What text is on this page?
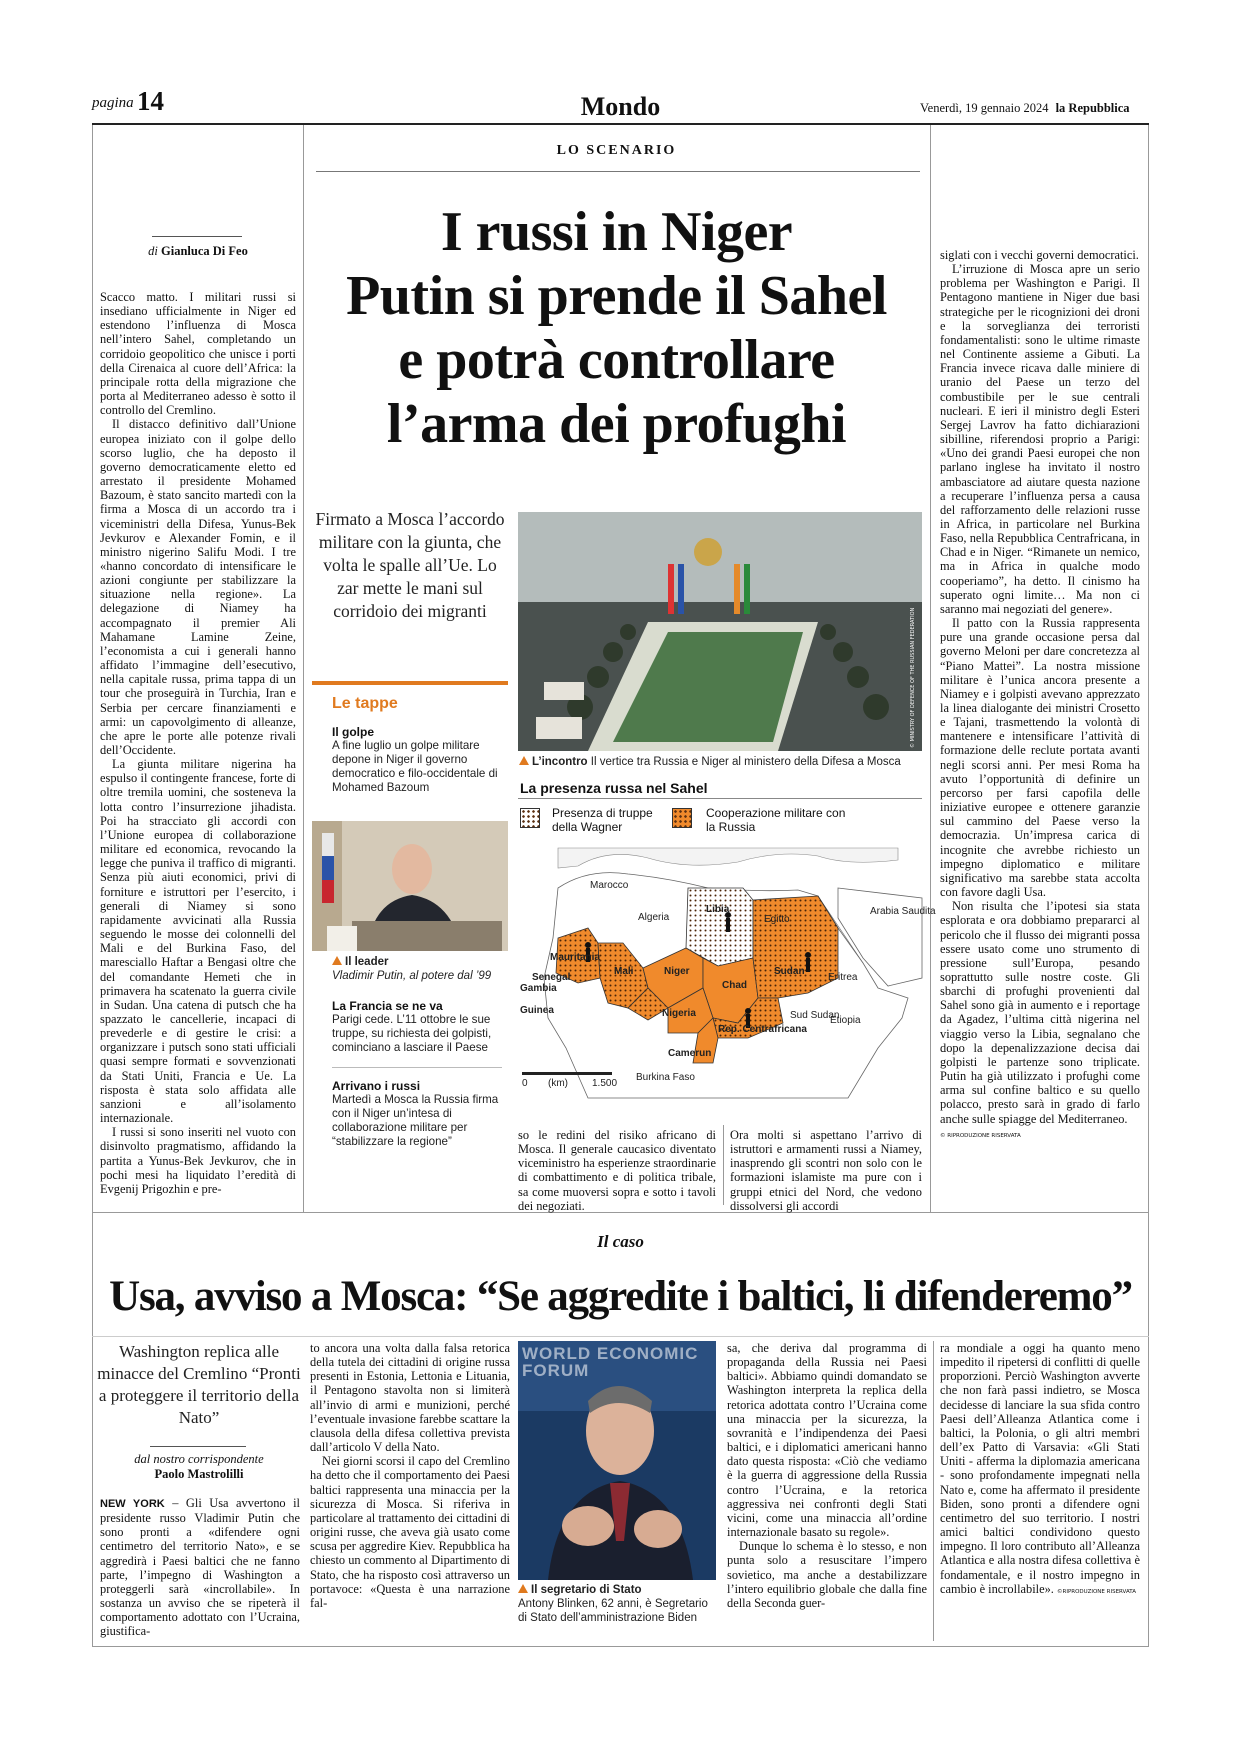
pagina 14	Mondo	Venerdì, 19 gennaio 2024 la Repubblica
LO SCENARIO
I russi in Niger
Putin si prende il Sahel
e potrà controllare
l’arma dei profughi
di Gianluca Di Feo

Scacco matto. I militari russi si insediano ufficialmente in Niger ed estendono l’influenza di Mosca nell’intero Sahel, completando un corridoio geopolitico che unisce i porti della Cirenaica al cuore dell’Africa: la principale rotta della migrazione che porta al Mediterraneo adesso è sotto il controllo del Cremlino.

Il distacco definitivo dall’Unione europea iniziato con il golpe dello scorso luglio, che ha deposto il governo democraticamente eletto ed arrestato il presidente Mohamed Bazoum, è stato sancito martedì con la firma a Mosca di un accordo tra i viceministri della Difesa, Yunus-Bek Jevkurov e Alexander Fomin, e il ministro nigerino Salifu Modi. I tre «hanno concordato di intensificare le azioni congiunte per stabilizzare la situazione nella regione». La delegazione di Niamey ha accompagnato il premier Ali Mahamane Lamine Zeine, l’economista a cui i generali hanno affidato l’immagine dell’esecutivo, nella capitale russa, prima tappa di un tour che proseguirà in Turchia, Iran e Serbia per cercare finanziamenti e armi: un capovolgimento di alleanze, che apre le porte alle potenze rivali dell’Occidente.

La giunta militare nigerina ha espulso il contingente francese, forte di oltre tremila uomini, che sosteneva la lotta contro l’insurrezione jihadista. Poi ha stracciato gli accordi con l’Unione europea di collaborazione militare ed economica, revocando la legge che puniva il traffico di migranti. Senza più aiuti economici, privi di forniture e istruttori per l’esercito, i generali di Niamey si sono rapidamente avvicinati alla Russia seguendo le mosse dei colonnelli del Mali e del Burkina Faso, del maresciallo Haftar a Bengasi oltre che del comandante Hemeti che in primavera ha scatenato la guerra civile in Sudan. Una catena di putsch che ha spazzato le cancellerie, incapaci di prevederle e di gestire le crisi: a organizzare i putsch sono stati ufficiali quasi sempre formati e sovvenzionati da Stati Uniti, Francia e Ue. La risposta è stata solo affidata alle sanzioni e all’isolamento internazionale.

I russi si sono inseriti nel vuoto con disinvolto pragmatismo, affidando la partita a Yunus-Bek Jevkurov, che in pochi mesi ha liquidato l’eredità di Evgenij Prigozhin e pre-

Firmato a Mosca l’accordo militare con la giunta, che volta le spalle all’Ue. Lo zar mette le mani sul corridoio dei migranti
Le tappe
Il golpe
A fine luglio un golpe militare depone in Niger il governo democratico e filo-occidentale di Mohamed Bazoum
Il leader
Vladimir Putin, al potere dal ’99
La Francia se ne va
Parigi cede. L’11 ottobre le sue truppe, su richiesta dei golpisti, cominciano a lasciare il Paese
Arrivano i russi
Martedì a Mosca la Russia firma con il Niger un’intesa di collaborazione militare per “stabilizzare la regione”
© MINISTRY OF DEFENCE OF THE RUSSIAN FEDERATION
L’incontro Il vertice tra Russia e Niger al ministero della Difesa a Mosca
La presenza russa nel Sahel
Presenza di truppe della Wagner
Cooperazione militare con la Russia
Marocco
Algeria
Libia
Egitto
Arabia Saudita
Mauritania
Mali	Niger
Chad
Sudan
Eritrea
Senegal
Gambia
Guinea	Nigeria
Rep. Centrafricana
Sud Sudan
Etiopia
Camerun
Burkina Faso
0 (km) 1.500

so le redini del risiko africano di Mosca. Il generale caucasico diventato viceministro ha esperienze straordinarie di combattimento e di politica tribale, sa come muoversi sopra e sotto i tavoli dei negoziati.

Ora molti si aspettano l’arrivo di istruttori e armamenti russi a Niamey, inasprendo gli scontri non solo con le formazioni islamiste ma pure con i gruppi etnici del Nord, che vedono dissolversi gli accordi

siglati con i vecchi governi democratici.

L’irruzione di Mosca apre un serio problema per Washington e Parigi. Il Pentagono mantiene in Niger due basi strategiche per le ricognizioni dei droni e la sorveglianza dei terroristi fondamentalisti: sono le ultime rimaste nel Continente assieme a Gibuti. La Francia invece ricava dalle miniere di uranio del Paese un terzo del combustibile per le sue centrali nucleari. E ieri il ministro degli Esteri Sergej Lavrov ha fatto dichiarazioni sibilline, riferendosi proprio a Parigi: «Uno dei grandi Paesi europei che non parlano inglese ha invitato il nostro ambasciatore ad aiutare questa nazione a recuperare l’influenza persa a causa del rafforzamento delle relazioni russe in Africa, in particolare nel Burkina Faso, nella Repubblica Centrafricana, in Chad e in Niger. “Rimanete un nemico, ma in Africa in qualche modo cooperiamo”, ha detto. Il cinismo ha superato ogni limite… Ma non ci saranno mai negoziati del genere».

Il patto con la Russia rappresenta pure una grande occasione persa dal governo Meloni per dare concretezza al “Piano Mattei”. La nostra missione militare è l’unica ancora presente a Niamey e i golpisti avevano apprezzato la linea dialogante dei ministri Crosetto e Tajani, trasmettendo la volontà di mantenere e intensificare l’attività di formazione delle reclute portata avanti negli scorsi anni. Per mesi Roma ha avuto l’opportunità di definire un percorso per farsi capofila delle iniziative europee e ottenere garanzie sul cammino del Paese verso la democrazia. Un’impresa carica di incognite che avrebbe richiesto un impegno diplomatico e militare significativo ma sarebbe stata accolta con favore dagli Usa.

Non risulta che l’ipotesi sia stata esplorata e ora dobbiamo prepararci al pericolo che il flusso dei migranti possa essere usato come uno strumento di pressione sull’Europa, pesando soprattutto sulle nostre coste. Gli sbarchi di profughi provenienti dal Sahel sono già in aumento e i reportage da Agadez, l’ultima città nigerina nel viaggio verso la Libia, segnalano che dopo la depenalizzazione decisa dai golpisti le partenze sono triplicate. Putin ha già utilizzato i profughi come arma sul confine baltico e su quello polacco, presto sarà in grado di farlo anche sulle spiagge del Mediterraneo.

© RIPRODUZIONE RISERVATA
Il caso
Usa, avviso a Mosca: “Se aggredite i baltici, li difenderemo”
Washington replica alle minacce del Cremlino “Pronti a proteggere il territorio della Nato”
dal nostro corrispondente
Paolo Mastrolilli

NEW YORK – Gli Usa avvertono il presidente russo Vladimir Putin che sono pronti a «difendere ogni centimetro del territorio Nato», e se aggredirà i Paesi baltici che ne fanno parte, l’impegno di Washington a proteggerli sarà «incrollabile». In sostanza un avviso che se ripeterà il comportamento adottato con l’Ucraina, giustifica-

to ancora una volta dalla falsa retorica della tutela dei cittadini di origine russa presenti in Estonia, Lettonia e Lituania, il Pentagono stavolta non si limiterà all’invio di armi e munizioni, perché l’eventuale invasione farebbe scattare la clausola della difesa collettiva prevista dall’articolo V della Nato.

Nei giorni scorsi il capo del Cremlino ha detto che il comportamento dei Paesi baltici rappresenta una minaccia per la sicurezza di Mosca. Si riferiva in particolare al trattamento dei cittadini di origini russe, che aveva già usato come scusa per aggredire Kiev. Repubblica ha chiesto un commento al Dipartimento di Stato, che ha risposto così attraverso un portavoce: «Questa è una narrazione fal-

WORLD ECONOMIC FORUM
Il segretario di Stato
Antony Blinken, 62 anni, è Segretario di Stato dell’amministrazione Biden

sa, che deriva dal programma di propaganda della Russia nei Paesi baltici». Abbiamo quindi domandato se Washington interpreta la replica della retorica adottata contro l’Ucraina come una minaccia per la sicurezza, la sovranità e l’indipendenza dei Paesi baltici, e i diplomatici americani hanno dato questa risposta: «Ciò che vediamo è la guerra di aggressione della Russia contro l’Ucraina, e la retorica aggressiva nei confronti degli Stati vicini, come una minaccia all’ordine internazionale basato su regole».

Dunque lo schema è lo stesso, e non punta solo a resuscitare l’impero sovietico, ma anche a destabilizzare l’intero equilibrio globale che dalla fine della Seconda guer-

ra mondiale a oggi ha quanto meno impedito il ripetersi di conflitti di quelle proporzioni. Perciò Washington avverte che non farà passi indietro, se Mosca decidesse di lanciare la sua sfida contro Paesi dell’Alleanza Atlantica come i baltici, la Polonia, o gli altri membri dell’ex Patto di Varsavia: «Gli Stati Uniti - afferma la diplomazia americana - sono profondamente impegnati nella Nato e, come ha affermato il presidente Biden, sono pronti a difendere ogni centimetro del suo territorio. I nostri amici baltici condividono questo impegno. Il loro contributo all’Alleanza Atlantica e alla nostra difesa collettiva è fondamentale, e il nostro impegno in cambio è incrollabile». ©RIPRODUZIONE RISERVATA
